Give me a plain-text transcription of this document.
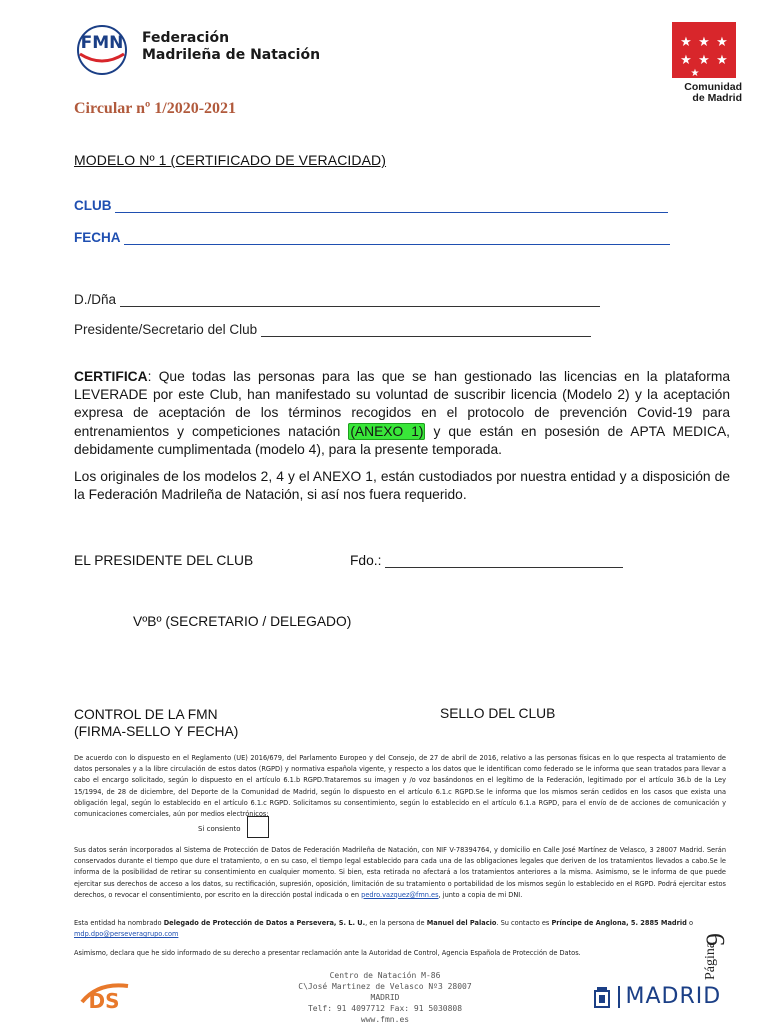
FMN Federación
Madrileña de Natación
★ ★ ★
★ ★ ★
★
Comunidad
de Madrid
Circular nº 1/2020-2021
MODELO Nº 1 (CERTIFICADO DE VERACIDAD)
CLUB
FECHA
D./Dña
Presidente/Secretario del Club
CERTIFICA: Que todas las personas para las que se han gestionado las licencias en la plataforma LEVERADE por este Club, han manifestado su voluntad de suscribir licencia (Modelo 2) y la aceptación expresa de aceptación de los términos recogidos en el protocolo de prevención Covid-19 para entrenamientos y competiciones natación (ANEXO 1) y que están en posesión de APTA MEDICA, debidamente cumplimentada (modelo 4), para la presente temporada.
Los originales de los modelos 2, 4 y el ANEXO 1, están custodiados por nuestra entidad y a disposición de la Federación Madrileña de Natación, si así nos fuera requerido.
EL PRESIDENTE DEL CLUB	Fdo.:
VºBº (SECRETARIO / DELEGADO)
CONTROL DE LA FMN
(FIRMA-SELLO Y FECHA)
SELLO DEL CLUB
De acuerdo con lo dispuesto en el Reglamento (UE) 2016/679, del Parlamento Europeo y del Consejo, de 27 de abril de 2016, relativo a las personas físicas en lo que respecta al tratamiento de datos personales y a la libre circulación de estos datos (RGPD) y normativa española vigente, y respecto a los datos que le identifican como federado se le informa que sean tratados para llevar a cabo el encargo solicitado, según lo dispuesto en el artículo 6.1.b RGPD.Trataremos su imagen y /o voz basándonos en el legítimo de la Federación, legitimado por el artículo 36.b de la Ley 15/1994, de 28 de diciembre, del Deporte de la Comunidad de Madrid, según lo dispuesto en el artículo 6.1.c RGPD.Se le informa que los mismos serán cedidos en los casos que exista una obligación legal, según lo establecido en el artículo 6.1.c RGPD. Solicitamos su consentimiento, según lo establecido en el artículo 6.1.a RGPD, para el envío de de acciones de comunicación y comunicaciones comerciales, aún por medios electrónicos:
Si consiento
Sus datos serán incorporados al Sistema de Protección de Datos de Federación Madrileña de Natación, con NIF V-78394764, y domicilio en Calle José Martínez de Velasco, 3 28007 Madrid. Serán conservados durante el tiempo que dure el tratamiento, o en su caso, el tiempo legal establecido para cada una de las obligaciones legales que deriven de los tratamientos llevados a cabo.Se le informa de la posibilidad de retirar su consentimiento en cualquier momento. Si bien, esta retirada no afectará a los tratamientos anteriores a la misma. Asimismo, se le informa de que puede ejercitar sus derechos de acceso a los datos, su rectificación, supresión, oposición, limitación de su tratamiento o portabilidad de los mismos según lo establecido en el RGPD. Podrá ejercitar estos derechos, o revocar el consentimiento, por escrito en la dirección postal indicada o en pedro.vazquez@fmn.es, junto a copia de mi DNI.
Esta entidad ha nombrado Delegado de Protección de Datos a Persevera, S. L. U., en la persona de Manuel del Palacio. Su contacto es Príncipe de Anglona, 5. 2885 Madrid o
mdp.dpo@perseveragrupo.com
Asimismo, declara que he sido informado de su derecho a presentar reclamación ante la Autoridad de Control, Agencia Española de Protección de Datos.	Página
9
DS
Centro de Natación M-86
C\José Martinez de Velasco Nº3 28007 MADRID
Telf: 91 4097712 Fax: 91 5030808
www.fmn.es
MADRID
